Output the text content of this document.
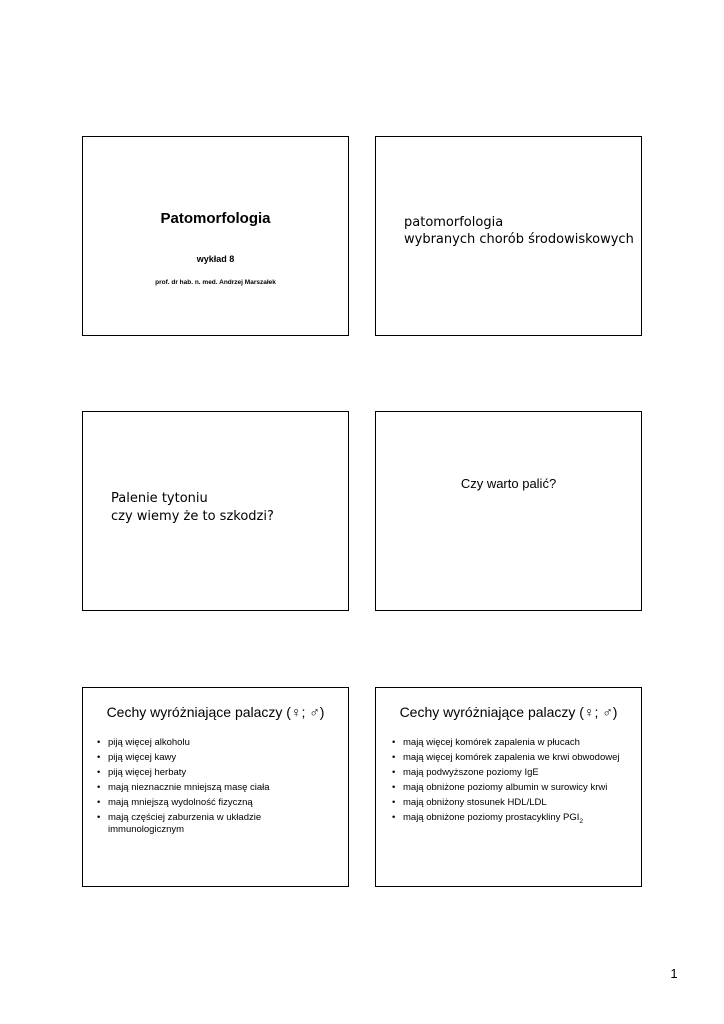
Patomorfologia
wykład 8
prof. dr hab. n. med. Andrzej Marszałek
patomorfologia
wybranych chorób środowiskowych
Palenie tytoniu
czy wiemy że to szkodzi?
Czy warto palić?
Cechy wyróżniające palaczy (♀; ♂)
• piją więcej alkoholu
• piją więcej kawy
• piją więcej herbaty
• mają nieznacznie mniejszą masę ciała
• mają mniejszą wydolność fizyczną
• mają częściej zaburzenia w układzie immunologicznym
Cechy wyróżniające palaczy (♀; ♂)
• mają więcej komórek zapalenia w płucach
• mają więcej komórek zapalenia we krwi obwodowej
• mają podwyższone poziomy IgE
• mają obniżone poziomy albumin w surowicy krwi
• mają obniżony stosunek HDL/LDL
• mają obniżone poziomy prostacykliny $PGI_2$
1
